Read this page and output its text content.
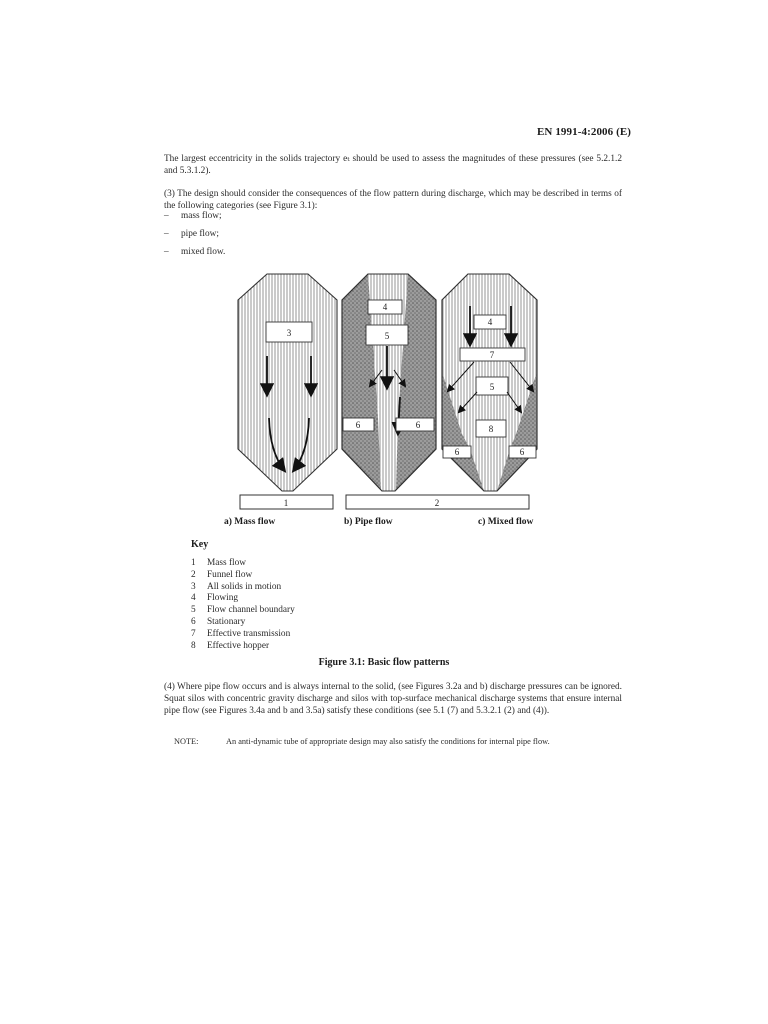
EN 1991-4:2006 (E)
The largest eccentricity in the solids trajectory eₜ should be used to assess the magnitudes of these pressures (see 5.2.1.2 and 5.3.1.2).
(3) The design should consider the consequences of the flow pattern during discharge, which may be described in terms of the following categories (see Figure 3.1):
– mass flow;
– pipe flow;
– mixed flow.
3
4
5
6	6
4
7
5
8
6	6
1	2
a) Mass flow	b) Pipe flow	c) Mixed flow
Key
1 Mass flow
2 Funnel flow
3 All solids in motion
4 Flowing
5 Flow channel boundary
6 Stationary
7 Effective transmission
8 Effective hopper
Figure 3.1: Basic flow patterns
(4) Where pipe flow occurs and is always internal to the solid, (see Figures 3.2a and b) discharge pressures can be ignored. Squat silos with concentric gravity discharge and silos with top-surface mechanical discharge systems that ensure internal pipe flow (see Figures 3.4a and b and 3.5a) satisfy these conditions (see 5.1 (7) and 5.3.2.1 (2) and (4)).
NOTE:	An anti-dynamic tube of appropriate design may also satisfy the conditions for internal pipe flow.
